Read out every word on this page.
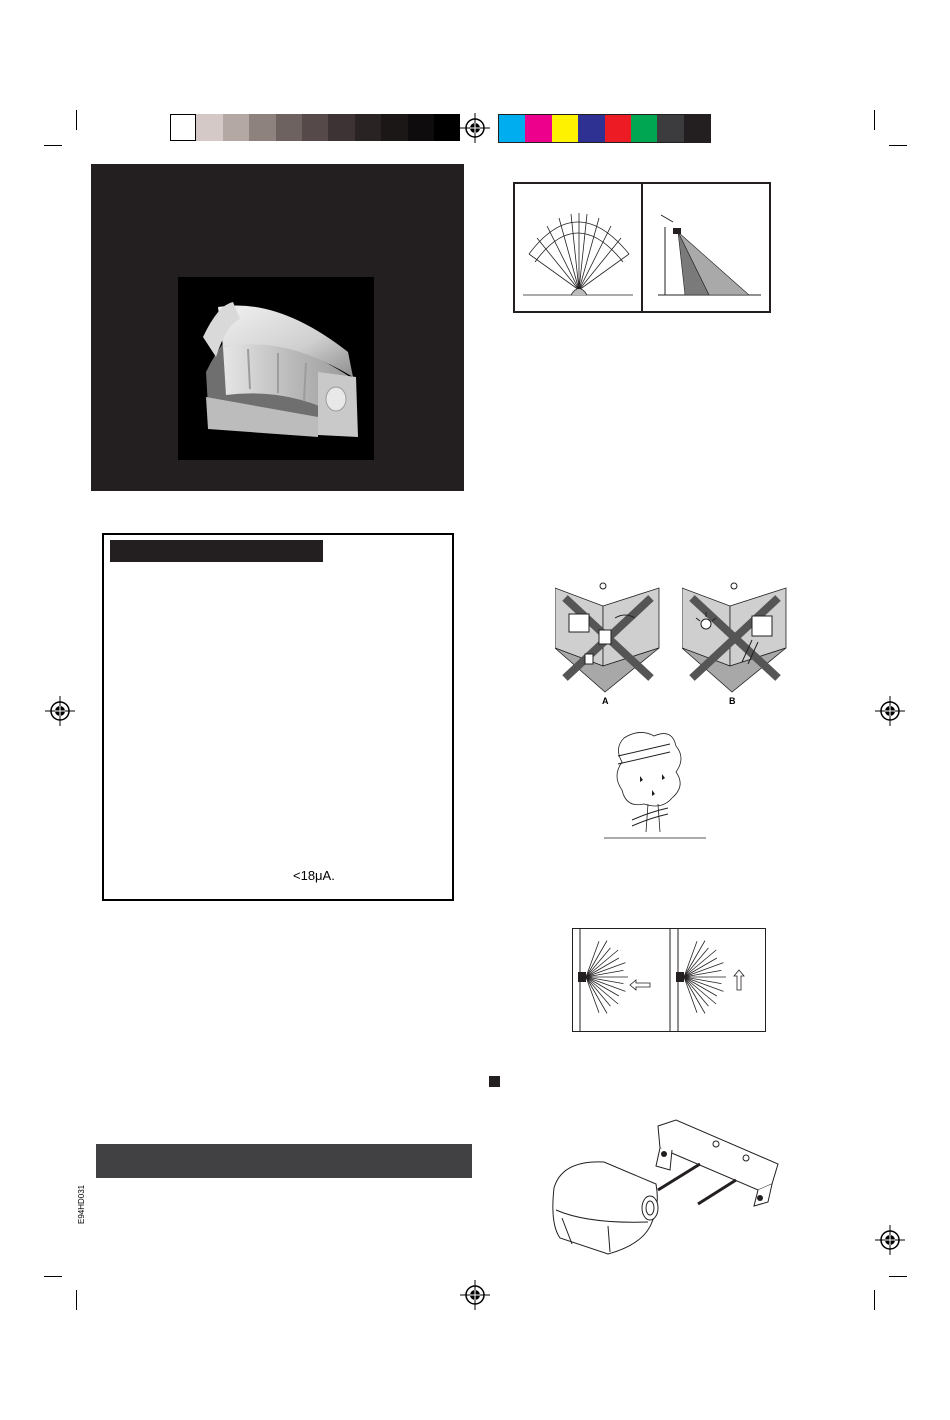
<18μA.
A	B
E94HD031
